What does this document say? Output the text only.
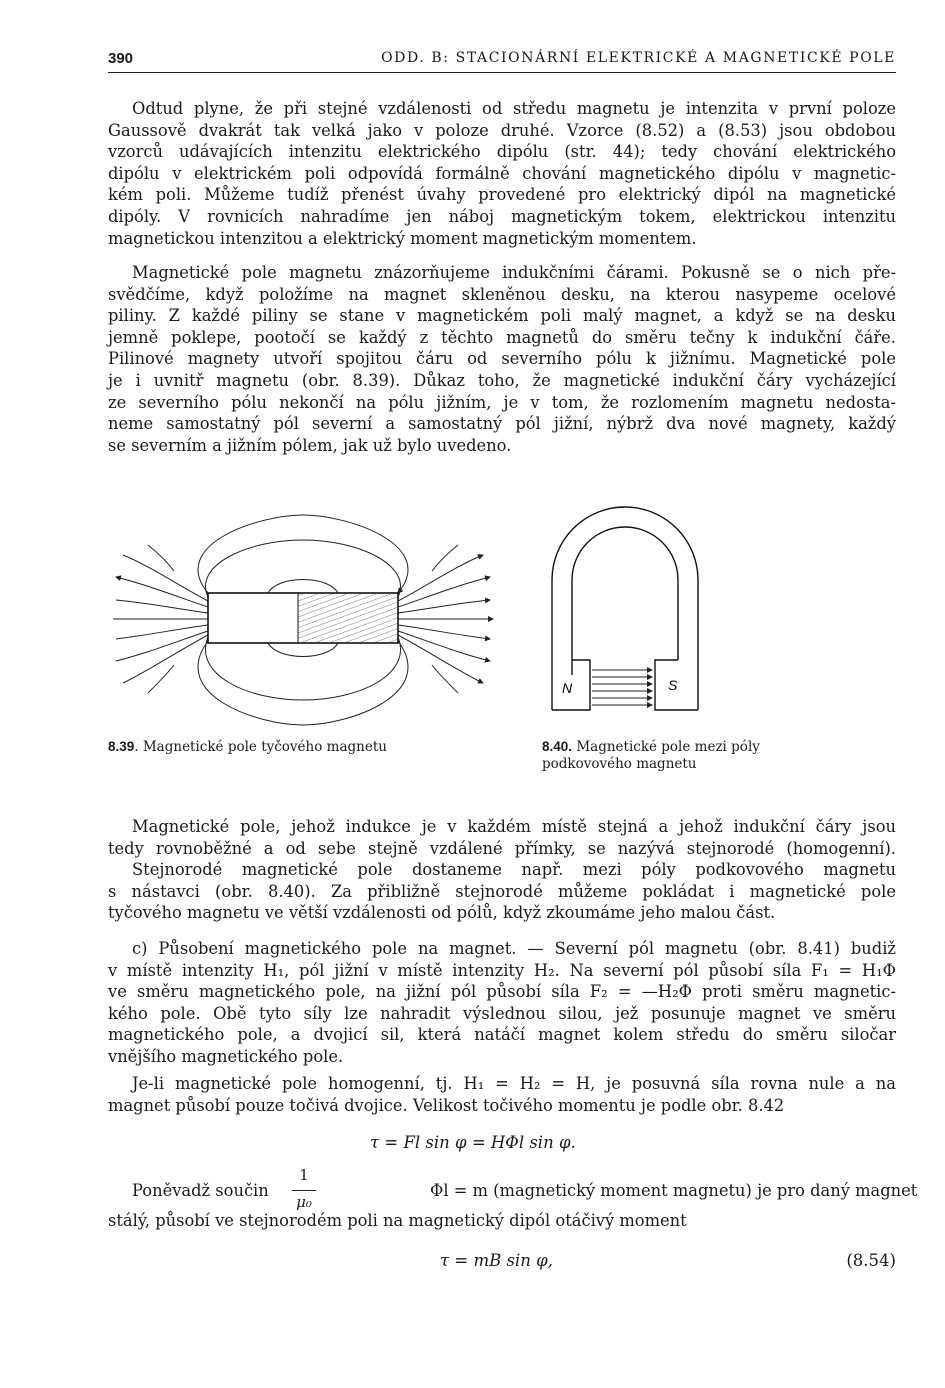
390	ODD. B: STACIONÁRNÍ ELEKTRICKÉ A MAGNETICKÉ POLE
Odtud plyne, že při stejné vzdálenosti od středu magnetu je intenzita v první poloze
Gaussově dvakrát tak velká jako v poloze druhé. Vzorce (8.52) a (8.53) jsou obdobou
vzorců udávajících intenzitu elektrického dipólu (str. 44); tedy chování elektrického
dipólu v elektrickém poli odpovídá formálně chování magnetického dipólu v magnetic-
kém poli. Můžeme tudíž přenést úvahy provedené pro elektrický dipól na magnetické
dipóly. V rovnicích nahradíme jen náboj magnetickým tokem, elektrickou intenzitu
magnetickou intenzitou a elektrický moment magnetickým momentem.
Magnetické pole magnetu znázorňujeme indukčními čárami. Pokusně se o nich pře-
svědčíme, když položíme na magnet skleněnou desku, na kterou nasypeme ocelové
piliny. Z každé piliny se stane v magnetickém poli malý magnet, a když se na desku
jemně poklepe, pootočí se každý z těchto magnetů do směru tečny k indukční čáře.
Pilinové magnety utvoří spojitou čáru od severního pólu k jižnímu. Magnetické pole
je i uvnitř magnetu (obr. 8.39). Důkaz toho, že magnetické indukční čáry vycházející
ze severního pólu nekončí na pólu jižním, je v tom, že rozlomením magnetu nedosta-
neme samostatný pól severní a samostatný pól jižní, nýbrž dva nové magnety, každý
se severním a jižním pólem, jak už bylo uvedeno.
8.39. Magnetické pole tyčového magnetu
N	S
8.40. Magnetické pole mezi póly
podkovového magnetu
Magnetické pole, jehož indukce je v každém místě stejná a jehož indukční čáry jsou
tedy rovnoběžné a od sebe stejně vzdálené přímky, se nazývá stejnorodé (homogenní).
Stejnorodé magnetické pole dostaneme např. mezi póly podkovového magnetu
s nástavci (obr. 8.40). Za přibližně stejnorodé můžeme pokládat i magnetické pole
tyčového magnetu ve větší vzdálenosti od pólů, když zkoumáme jeho malou část.
c) Působení magnetického pole na magnet. — Severní pól magnetu (obr. 8.41) budiž
v místě intenzity H₁, pól jižní v místě intenzity H₂. Na severní pól působí síla F₁ = H₁Φ
ve směru magnetického pole, na jižní pól působí síla F₂ = —H₂Φ proti směru magnetic-
kého pole. Obě tyto síly lze nahradit výslednou silou, jež posunuje magnet ve směru
magnetického pole, a dvojicí sil, která natáčí magnet kolem středu do směru siločar
vnějšího magnetického pole.
Je-li magnetické pole homogenní, tj. H₁ = H₂ = H, je posuvná síla rovna nule a na
magnet působí pouze točivá dvojice. Velikost točivého momentu je podle obr. 8.42
τ = Fl sin φ = HΦl sin φ.
Poněvadž součin	Φl = m (magnetický moment magnetu) je pro daný magnet
stálý, působí ve stejnorodém poli na magnetický dipól otáčivý moment
1
μ₀
τ = mB sin φ,	(8.54)
